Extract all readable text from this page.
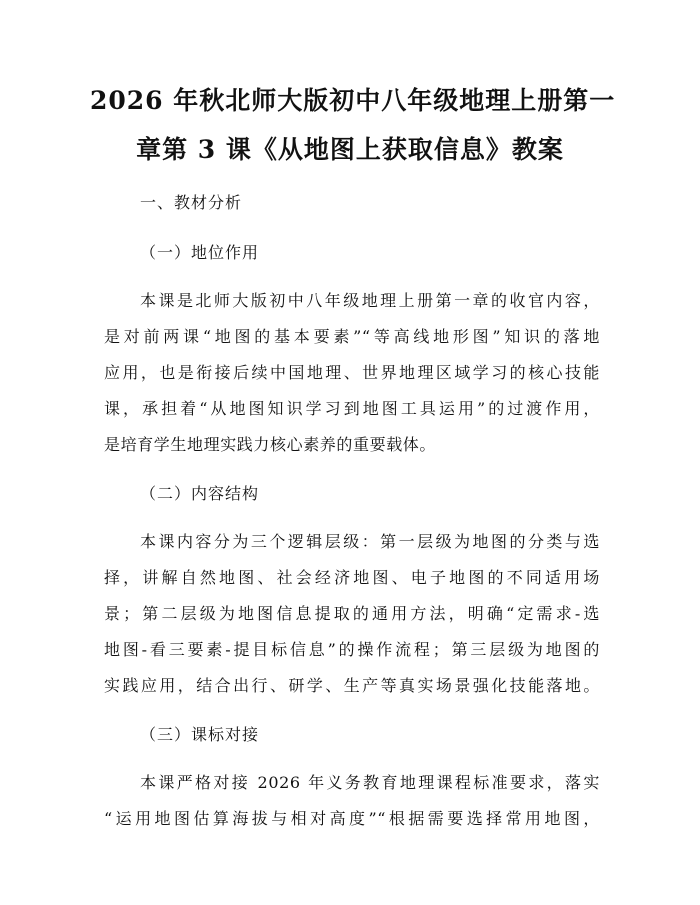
2026 年秋北师大版初中八年级地理上册第一
章第 3 课《从地图上获取信息》教案

一、教材分析

（一）地位作用

本课是北师大版初中八年级地理上册第一章的收官内容，

是对前两课“地图的基本要素”“等高线地形图”知识的落地

应用，也是衔接后续中国地理、世界地理区域学习的核心技能

课，承担着“从地图知识学习到地图工具运用”的过渡作用，

是培育学生地理实践力核心素养的重要载体。

（二）内容结构

本课内容分为三个逻辑层级：第一层级为地图的分类与选

择，讲解自然地图、社会经济地图、电子地图的不同适用场

景；第二层级为地图信息提取的通用方法，明确“定需求-选

地图-看三要素-提目标信息”的操作流程；第三层级为地图的

实践应用，结合出行、研学、生产等真实场景强化技能落地。

（三）课标对接

本课严格对接 2026 年义务教育地理课程标准要求，落实

“运用地图估算海拔与相对高度”“根据需要选择常用地图，
